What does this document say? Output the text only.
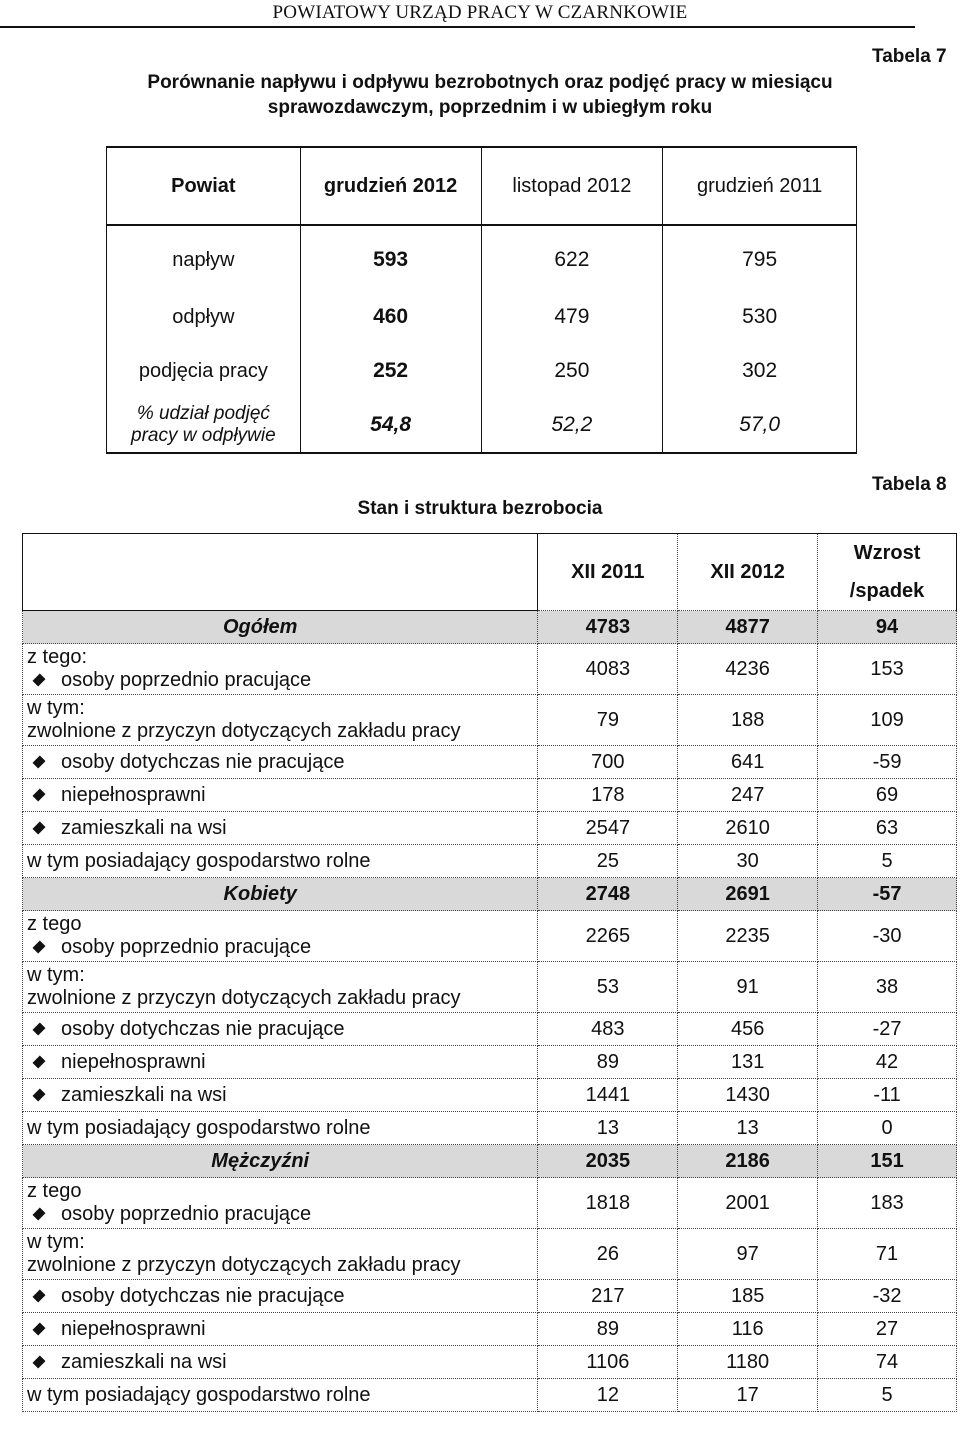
POWIATOWY URZĄD PRACY W CZARNKOWIE
Tabela 7
Porównanie napływu i odpływu bezrobotnych oraz podjęć pracy w miesiącu
sprawozdawczym, poprzednim i w ubiegłym roku
Powiat	grudzień 2012	listopad 2012	grudzień 2011
napływ	593	622	795
odpływ	460	479	530
podjęcia pracy	252	250	302

% udział podjęć
pracy w odpływie	54,8	52,2	57,0
Tabela 8
Stan i struktura bezrobocia
	XII 2011	XII 2012	Wzrost
/spadek

Ogółem	4783	4877	94

z tego:
osoby poprzednio pracujące	4083	4236	153

w tym:
zwolnione z przyczyn dotyczących zakładu pracy	79	188	109
osoby dotychczas nie pracujące	700	641	-59
niepełnosprawni	178	247	69
zamieszkali na wsi	2547	2610	63
w tym posiadający gospodarstwo rolne	25	30	5
Kobiety	2748	2691	-57

z tego
osoby poprzednio pracujące	2265	2235	-30

w tym:
zwolnione z przyczyn dotyczących zakładu pracy	53	91	38
osoby dotychczas nie pracujące	483	456	-27
niepełnosprawni	89	131	42
zamieszkali na wsi	1441	1430	-11
w tym posiadający gospodarstwo rolne	13	13	0
Mężczyźni	2035	2186	151

z tego
osoby poprzednio pracujące	1818	2001	183

w tym:
zwolnione z przyczyn dotyczących zakładu pracy	26	97	71
osoby dotychczas nie pracujące	217	185	-32
niepełnosprawni	89	116	27
zamieszkali na wsi	1106	1180	74
w tym posiadający gospodarstwo rolne	12	17	5
